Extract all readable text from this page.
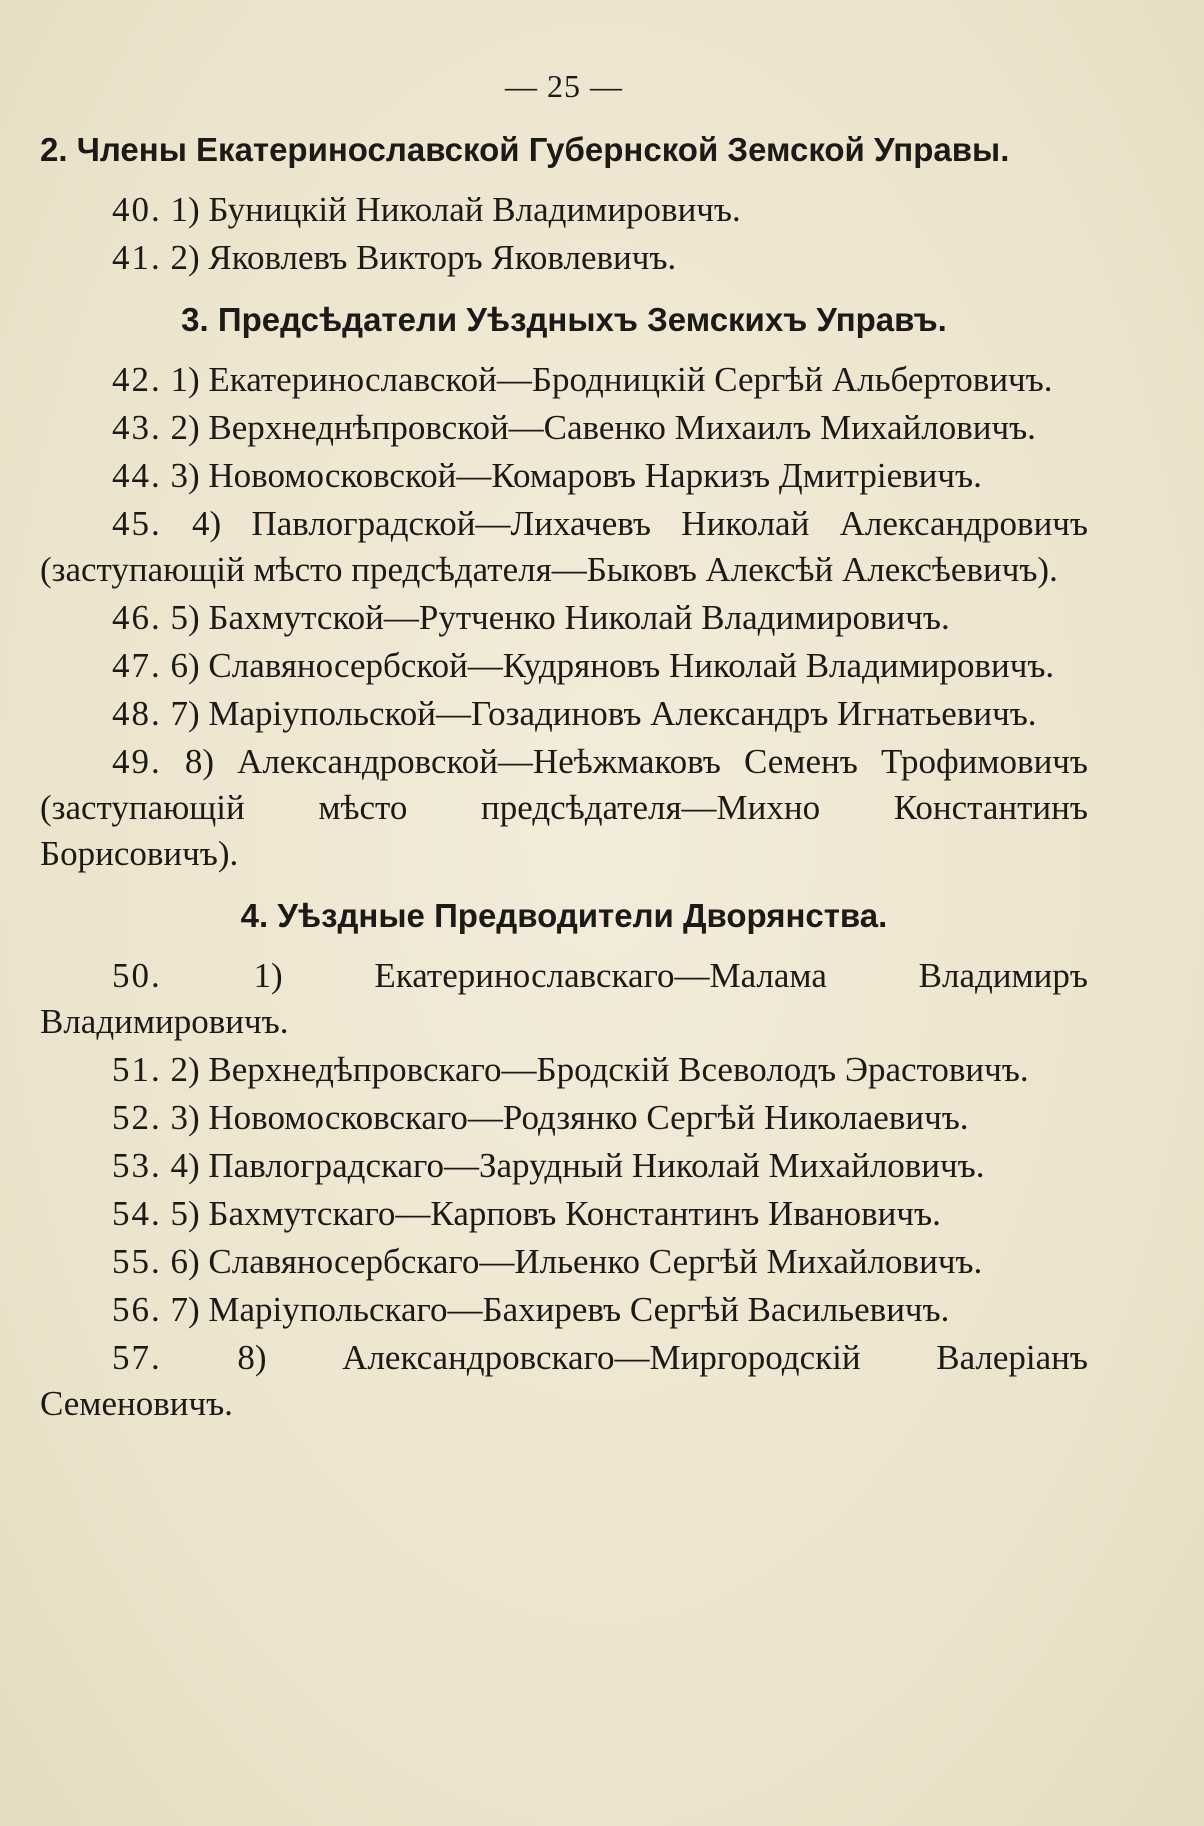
— 25 —
2. Члены Екатеринославской Губернской Земской Управы.

40. 1) Буницкій Николай Владимировичъ.

41. 2) Яковлевъ Викторъ Яковлевичъ.

3. Предсѣдатели Уѣздныхъ Земскихъ Управъ.

42. 1) Екатеринославской—Бродницкій Сергѣй Альбертовичъ.

43. 2) Верхнеднѣпровской—Савенко Михаилъ Михайловичъ.

44. 3) Новомосковской—Комаровъ Наркизъ Дмитріевичъ.

45. 4) Павлоградской—Лихачевъ Николай Александровичъ (заступающій мѣсто предсѣдателя—Быковъ Алексѣй Алексѣевичъ).

46. 5) Бахмутской—Рутченко Николай Владимировичъ.

47. 6) Славяносербской—Кудряновъ Николай Владимировичъ.

48. 7) Маріупольской—Гозадиновъ Александръ Игнатьевичъ.

49. 8) Александровской—Неѣжмаковъ Семенъ Трофимовичъ (заступающій мѣсто предсѣдателя—Михно Константинъ Борисовичъ).

4. Уѣздные Предводители Дворянства.

50.	1) Екатеринославскаго—Малама Владимиръ Владимировичъ.

51. 2) Верхнедѣпровскаго—Бродскій Всеволодъ Эрастовичъ.

52. 3) Новомосковскаго—Родзянко Сергѣй Николаевичъ.

53. 4) Павлоградскаго—Зарудный Николай Михайловичъ.

54. 5) Бахмутскаго—Карповъ Константинъ Ивановичъ.

55. 6) Славяносербскаго—Ильенко Сергѣй Михайловичъ.

56. 7) Маріупольскаго—Бахиревъ Сергѣй Васильевичъ.

57. 8) Александровскаго—Миргородскій Валеріанъ Семеновичъ.
